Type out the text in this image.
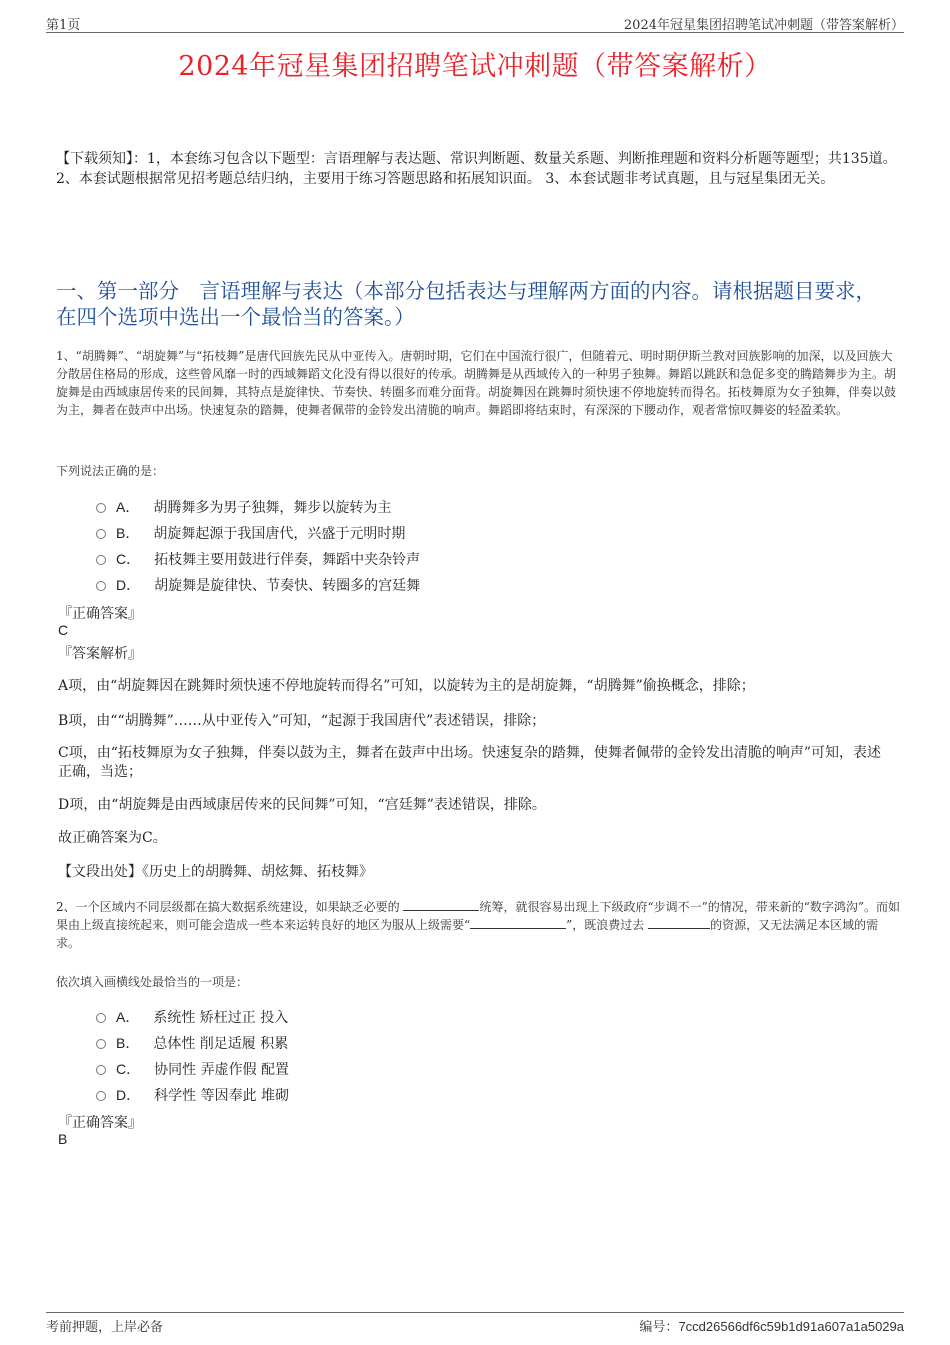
第1页	2024年冠星集团招聘笔试冲刺题（带答案解析）
2024年冠星集团招聘笔试冲刺题（带答案解析）
【下载须知】：1，本套练习包含以下题型：言语理解与表达题、常识判断题、数量关系题、判断推理题和资料分析题等题型；共135道。 2、本套试题根据常见招考题总结归纳，主要用于练习答题思路和拓展知识面。 3、本套试题非考试真题，且与冠星集团无关。
一、第一部分　言语理解与表达（本部分包括表达与理解两方面的内容。请根据题目要求，在四个选项中选出一个最恰当的答案。）
1、“胡腾舞”、“胡旋舞”与“拓枝舞”是唐代回族先民从中亚传入。唐朝时期，它们在中国流行很广，但随着元、明时期伊斯兰教对回族影响的加深，以及回族大分散居住格局的形成，这些曾风靡一时的西域舞蹈文化没有得以很好的传承。胡腾舞是从西域传入的一种男子独舞。舞蹈以跳跃和急促多变的腾踏舞步为主。胡旋舞是由西域康居传来的民间舞，其特点是旋律快、节奏快、转圈多而难分面背。胡旋舞因在跳舞时须快速不停地旋转而得名。拓枝舞原为女子独舞，伴奏以鼓为主，舞者在鼓声中出场。快速复杂的踏舞，使舞者佩带的金铃发出清脆的响声。舞蹈即将结束时，有深深的下腰动作，观者常惊叹舞姿的轻盈柔软。
下列说法正确的是：
A． 胡腾舞多为男子独舞，舞步以旋转为主
B． 胡旋舞起源于我国唐代，兴盛于元明时期
C． 拓枝舞主要用鼓进行伴奏，舞蹈中夹杂铃声
D． 胡旋舞是旋律快、节奏快、转圈多的宫廷舞
『正确答案』
C
『答案解析』
A项，由“胡旋舞因在跳舞时须快速不停地旋转而得名”可知，以旋转为主的是胡旋舞，“胡腾舞”偷换概念，排除；
B项，由““胡腾舞”……从中亚传入”可知，“起源于我国唐代”表述错误，排除；
C项，由“拓枝舞原为女子独舞，伴奏以鼓为主，舞者在鼓声中出场。快速复杂的踏舞，使舞者佩带的金铃发出清脆的响声”可知，表述正确，当选；
D项，由“胡旋舞是由西域康居传来的民间舞”可知，“宫廷舞”表述错误，排除。
故正确答案为C。
【文段出处】《历史上的胡腾舞、胡炫舞、拓枝舞》
2、一个区域内不同层级都在搞大数据系统建设，如果缺乏必要的	统筹，就很容易出现上下级政府“步调不一”的情况，带来新的“数字鸿沟”。而如果由上级直接统起来，则可能会造成一些本来运转良好的地区为服从上级需要“	”，既浪费过去	的资源，又无法满足本区域的需求。
依次填入画横线处最恰当的一项是：
A． 系统性 矫枉过正 投入
B． 总体性 削足适履 积累
C． 协同性 弄虚作假 配置
D． 科学性 等因奉此 堆砌
『正确答案』
B
考前押题，上岸必备	编号：7ccd26566df6c59b1d91a607a1a5029a
